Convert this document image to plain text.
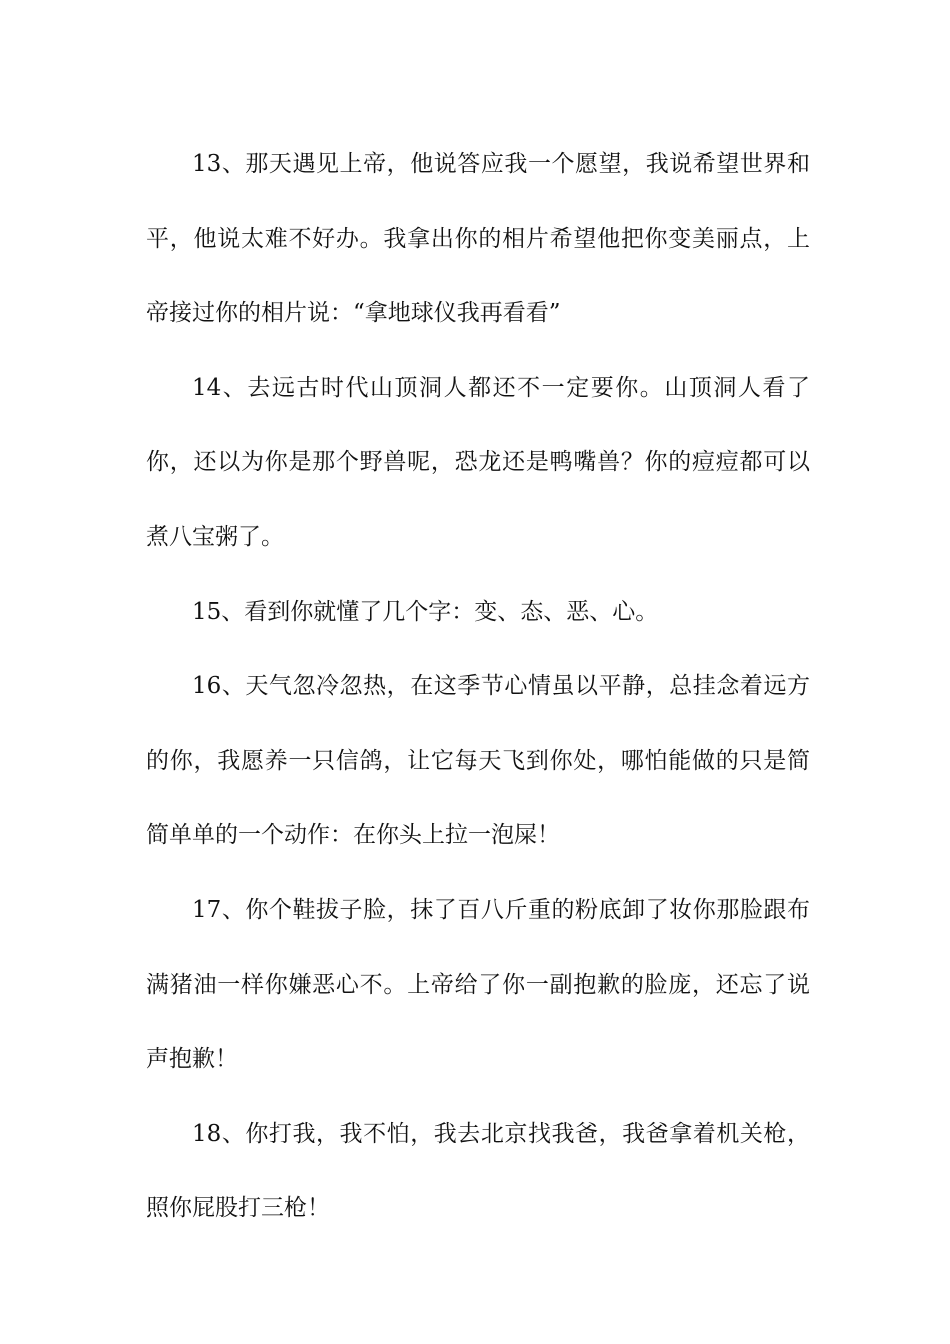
13、那天遇见上帝，他说答应我一个愿望，我说希望世界和平，他说太难不好办。我拿出你的相片希望他把你变美丽点，上帝接过你的相片说：“拿地球仪我再看看”

14、去远古时代山顶洞人都还不一定要你。山顶洞人看了你，还以为你是那个野兽呢，恐龙还是鸭嘴兽？你的痘痘都可以煮八宝粥了。

15、看到你就懂了几个字：变、态、恶、心。

16、天气忽冷忽热，在这季节心情虽以平静，总挂念着远方的你，我愿养一只信鸽，让它每天飞到你处，哪怕能做的只是简简单单的一个动作：在你头上拉一泡屎！

17、你个鞋拔子脸，抹了百八斤重的粉底卸了妆你那脸跟布满猪油一样你嫌恶心不。上帝给了你一副抱歉的脸庞，还忘了说声抱歉！

18、你打我，我不怕，我去北京找我爸，我爸拿着机关枪，照你屁股打三枪！
